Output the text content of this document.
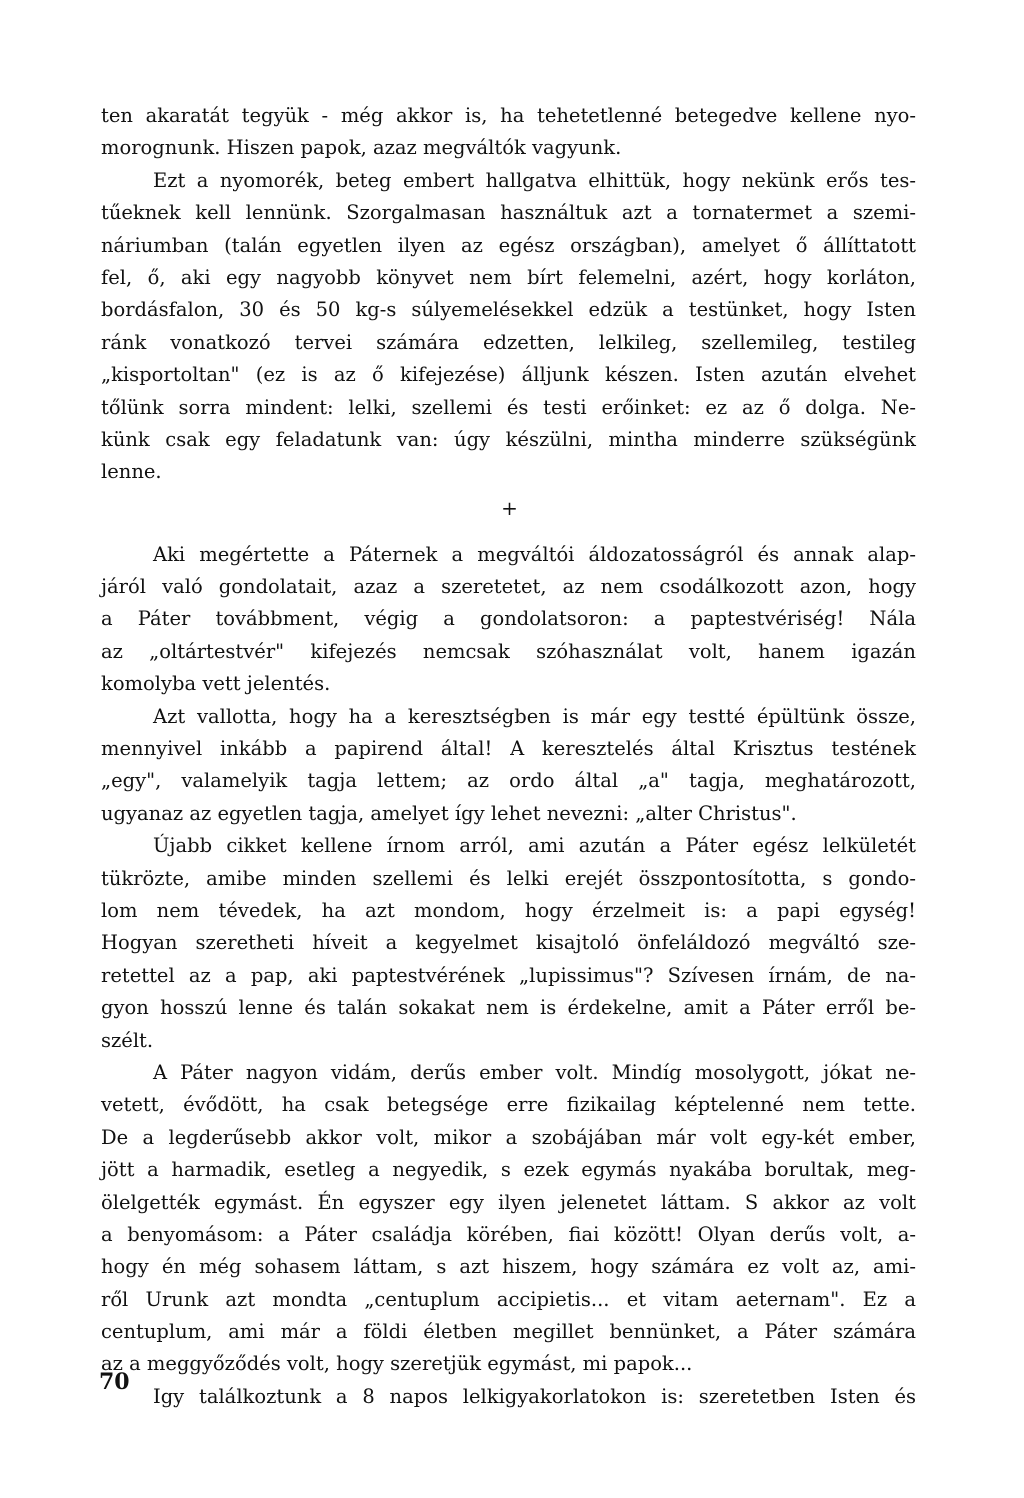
ten akaratát tegyük - még akkor is, ha tehetetlenné betegedve kellene nyo-
morognunk. Hiszen papok, azaz megváltók vagyunk.
Ezt a nyomorék, beteg embert hallgatva elhittük, hogy nekünk erős tes-
tűeknek kell lennünk. Szorgalmasan használtuk azt a tornatermet a szemi-
náriumban (talán egyetlen ilyen az egész országban), amelyet ő állíttatott
fel, ő, aki egy nagyobb könyvet nem bírt felemelni, azért, hogy korláton,
bordásfalon, 30 és 50 kg-s súlyemelésekkel edzük a testünket, hogy Isten
ránk vonatkozó tervei számára edzetten, lelkileg, szellemileg, testileg
„kisportoltan" (ez is az ő kifejezése) álljunk készen. Isten azután elvehet
tőlünk sorra mindent: lelki, szellemi és testi erőinket: ez az ő dolga. Ne-
künk csak egy feladatunk van: úgy készülni, mintha minderre szükségünk
lenne.
+
Aki megértette a Páternek a megváltói áldozatosságról és annak alap-
járól való gondolatait, azaz a szeretetet, az nem csodálkozott azon, hogy
a Páter továbbment, végig a gondolatsoron: a paptestvériség! Nála
az „oltártestvér" kifejezés nemcsak szóhasználat volt, hanem igazán
komolyba vett jelentés.
Azt vallotta, hogy ha a keresztségben is már egy testté épültünk össze,
mennyivel inkább a papirend által! A keresztelés által Krisztus testének
„egy", valamelyik tagja lettem; az ordo által „a" tagja, meghatározott,
ugyanaz az egyetlen tagja, amelyet így lehet nevezni: „alter Christus".
Újabb cikket kellene írnom arról, ami azután a Páter egész lelkületét
tükrözte, amibe minden szellemi és lelki erejét összpontosította, s gondo-
lom nem tévedek, ha azt mondom, hogy érzelmeit is: a papi egység!
Hogyan szeretheti híveit a kegyelmet kisajtoló önfeláldozó megváltó sze-
retettel az a pap, aki paptestvérének „lupissimus"? Szívesen írnám, de na-
gyon hosszú lenne és talán sokakat nem is érdekelne, amit a Páter erről be-
szélt.
A Páter nagyon vidám, derűs ember volt. Mindíg mosolygott, jókat ne-
vetett, évődött, ha csak betegsége erre fizikailag képtelenné nem tette.
De a legderűsebb akkor volt, mikor a szobájában már volt egy-két ember,
jött a harmadik, esetleg a negyedik, s ezek egymás nyakába borultak, meg-
ölelgették egymást. Én egyszer egy ilyen jelenetet láttam. S akkor az volt
a benyomásom: a Páter családja körében, fiai között! Olyan derűs volt, a-
hogy én még sohasem láttam, s azt hiszem, hogy számára ez volt az, ami-
ről Urunk azt mondta „centuplum accipietis... et vitam aeternam". Ez a
centuplum, ami már a földi életben megillet bennünket, a Páter számára
az a meggyőződés volt, hogy szeretjük egymást, mi papok...
Igy találkoztunk a 8 napos lelkigyakorlatokon is: szeretetben Isten és
70
